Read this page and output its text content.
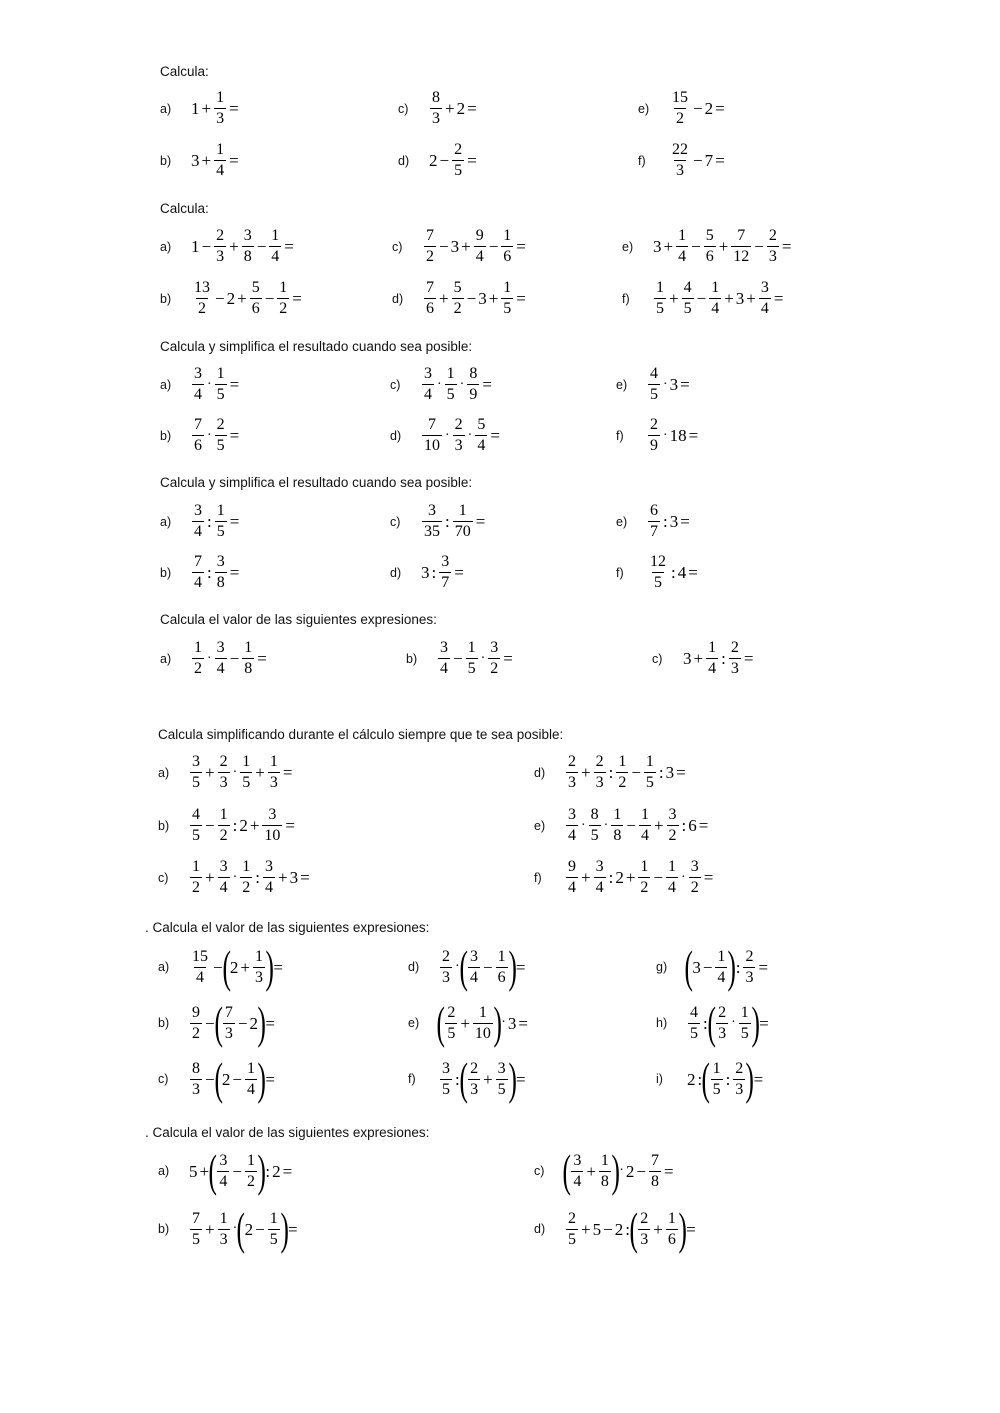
Calcula:
a)	$1 + \frac{1}{3}$ =
b)	$3 + \frac{1}{4}$ =
c)	$\frac{8}{3} + 2$ =
d)	$2 - \frac{2}{5}$ =
e)	$\frac{15}{2} - 2$ =
f)	$\frac{22}{3} - 7$ =
Calcula:
a)	$1 - \frac{2}{3} + \frac{3}{8} - \frac{1}{4}$ =
b)	$\frac{13}{2} - 2 + \frac{5}{6} - \frac{1}{2}$ =
c)	$\frac{7}{2} - 3 + \frac{9}{4} - \frac{1}{6}$ =
d)	$\frac{7}{6} + \frac{5}{2} - 3 + \frac{1}{5}$ =
e)	$3 + \frac{1}{4} - \frac{5}{6} + \frac{7}{12} - \frac{2}{3}$ =
f)	$\frac{1}{5} + \frac{4}{5} - \frac{1}{4} + 3 + \frac{3}{4}$ =
Calcula y simplifica el resultado cuando sea posible:
a)	$\frac{3}{4} \cdot \frac{1}{5}$ =
b)	$\frac{7}{6} \cdot \frac{2}{5}$ =
c)	$\frac{3}{4} \cdot \frac{1}{5} \cdot \frac{8}{9}$ =
d)	$\frac{7}{10} \cdot \frac{2}{3} \cdot \frac{5}{4}$ =
e)	$\frac{4}{5} \cdot 3$ =
f)	$\frac{2}{9} \cdot 18$ =
Calcula y simplifica el resultado cuando sea posible:
a)	$\frac{3}{4}$ : $\frac{1}{5}$ =
b)	$\frac{7}{4}$ : $\frac{3}{8}$ =
c)	$\frac{3}{35}$ : $\frac{1}{70}$ =
d)	3 : $\frac{3}{7}$ =
e)	$\frac{6}{7}$ : 3 =
f)	$\frac{12}{5}$ : 4 =
Calcula el valor de las siguientes expresiones:
a)	$\frac{1}{2} \cdot \frac{3}{4} - \frac{1}{8}$ =	b)	$\frac{3}{4} - \frac{1}{5} \cdot \frac{3}{2}$ =	c)	$3 + \frac{1}{4}$ : $\frac{2}{3}$ =
Calcula simplificando durante el cálculo siempre que te sea posible:
a)	$\frac{3}{5} + \frac{2}{3} \cdot \frac{1}{5} + \frac{1}{3}$ =
b)	$\frac{4}{5} - \frac{1}{2}$ : $2 + \frac{3}{10}$ =
c)	$\frac{1}{2} + \frac{3}{4} \cdot \frac{1}{2}$ : $\frac{3}{4} + 3$ =
d)	$\frac{2}{3} + \frac{2}{3}$ : $\frac{1}{2} - \frac{1}{5}$ : 3 =
e)	$\frac{3}{4} \cdot \frac{8}{5} \cdot \frac{1}{8} - \frac{1}{4} + \frac{3}{2}$ : 6 =
f)	$\frac{9}{4} + \frac{3}{4}$ : $2 + \frac{1}{2} - \frac{1}{4} \cdot \frac{3}{2}$ =
. Calcula el valor de las siguientes expresiones:
a)	$\frac{15}{4}$ − ( $2 + \frac{1}{3}$ ) =
b)	$\frac{9}{2}$ − ( $\frac{7}{3} - 2$ ) =
c)	$\frac{8}{3}$ − ( $2 - \frac{1}{4}$ ) =
d)	$\frac{2}{3}$ · ( $\frac{3}{4} - \frac{1}{6}$ ) =
e) ( $\frac{2}{5} + \frac{1}{10}$ ) · 3 =
f)	$\frac{3}{5}$ : ( $\frac{2}{3} + \frac{3}{5}$ ) =
g) ( $3 - \frac{1}{4}$ ) : $\frac{2}{3}$ =
h)	$\frac{4}{5}$ : ( $\frac{2}{3} \cdot \frac{1}{5}$ ) =
i)	2 : ( $\frac{1}{5}$ : $\frac{2}{3}$ ) =
. Calcula el valor de las siguientes expresiones:
a)	5 + ( $\frac{3}{4} - \frac{1}{2}$ ) : 2 =
b)	$\frac{7}{5} + \frac{1}{3}$ · ( $2 - \frac{1}{5}$ ) =
c) ( $\frac{3}{4} + \frac{1}{8}$ ) · $2 - \frac{7}{8}$ =
d)	$\frac{2}{5} + 5 - 2$ : ( $\frac{2}{3} + \frac{1}{6}$ ) =
